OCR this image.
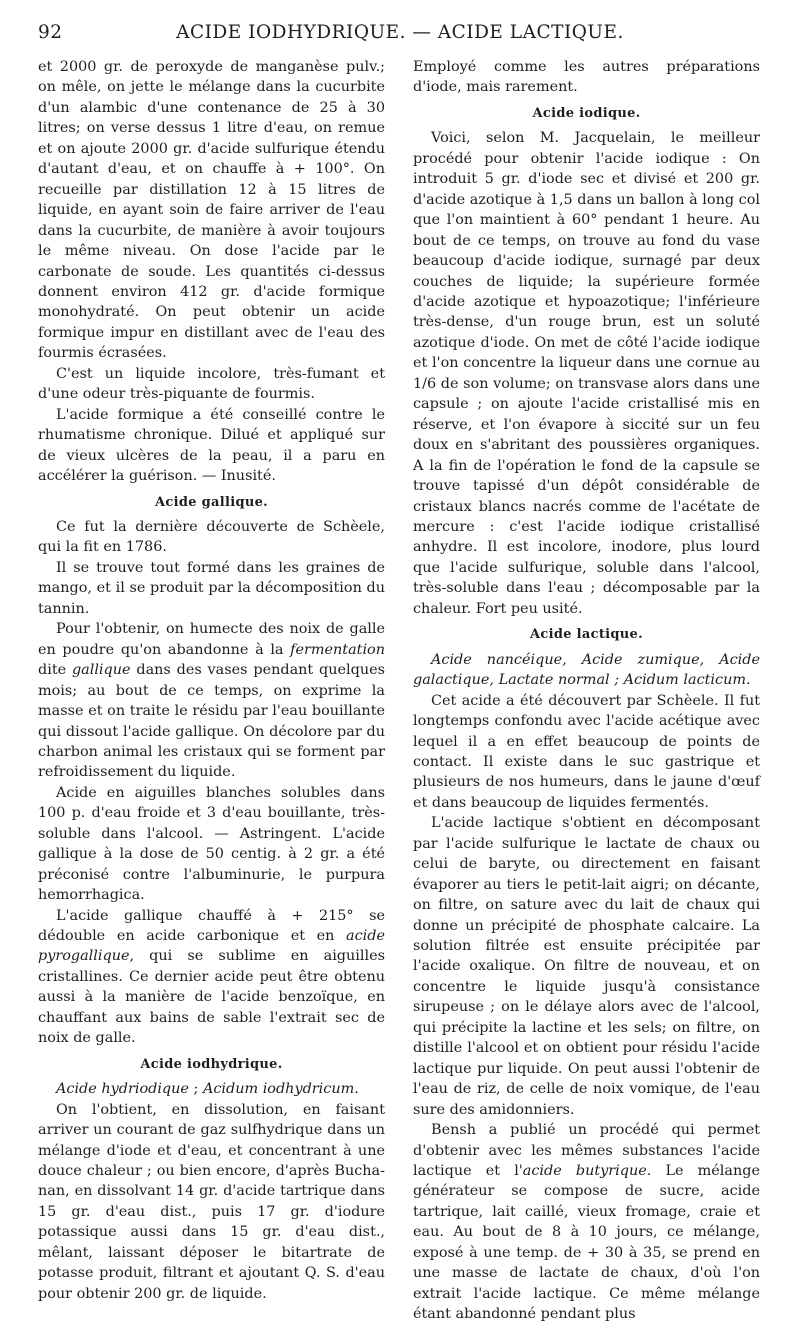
92	ACIDE IODHYDRIQUE. — ACIDE LACTIQUE.

et 2000 gr. de peroxyde de manganèse pulv.; on mêle, on jette le mélange dans la cucurbite d'un alambic d'une contenance de 25 à 30 litres; on verse dessus 1 litre d'eau, on remue et on ajoute 2000 gr. d'acide sulfurique étendu d'autant d'eau, et on chauffe à + 100°. On recueille par distillation 12 à 15 litres de liquide, en ayant soin de faire arriver de l'eau dans la cucurbite, de manière à avoir toujours le même niveau. On dose l'acide par le carbonate de soude. Les quantités ci-dessus donnent environ 412 gr. d'acide formique monohydraté. On peut obtenir un acide formique impur en distillant avec de l'eau des fourmis écrasées.

C'est un liquide incolore, très-fumant et d'une odeur très-piquante de fourmis.

L'acide formique a été conseillé contre le rhumatisme chronique. Dilué et appliqué sur de vieux ulcères de la peau, il a paru en accélérer la guérison. — Inusité.

Acide gallique.

Ce fut la dernière découverte de Schèele, qui la fit en 1786.

Il se trouve tout formé dans les graines de mango, et il se produit par la décomposition du tannin.

Pour l'obtenir, on humecte des noix de galle en poudre qu'on abandonne à la fermentation dite gallique dans des vases pendant quelques mois; au bout de ce temps, on exprime la masse et on traite le résidu par l'eau bouillante qui dissout l'acide gallique. On décolore par du charbon animal les cristaux qui se forment par refroidissement du liquide.

Acide en aiguilles blanches solubles dans 100 p. d'eau froide et 3 d'eau bouillante, très-soluble dans l'alcool. — Astringent. L'acide gallique à la dose de 50 centig. à 2 gr. a été préconisé contre l'albuminurie, le purpura hemorrhagica.

L'acide gallique chauffé à + 215° se dédouble en acide carbonique et en acide pyrogallique, qui se sublime en aiguilles cristallines. Ce dernier acide peut être obtenu aussi à la manière de l'acide benzoïque, en chauffant aux bains de sable l'extrait sec de noix de galle.

Acide iodhydrique.

Acide hydriodique ; Acidum iodhydricum.

On l'obtient, en dissolution, en faisant arriver un courant de gaz sulfhydrique dans un mélange d'iode et d'eau, et concentrant à une douce chaleur ; ou bien encore, d'après Bucha-nan, en dissolvant 14 gr. d'acide tartrique dans 15 gr. d'eau dist., puis 17 gr. d'iodure potassique aussi dans 15 gr. d'eau dist., mêlant, laissant déposer le bitartrate de potasse produit, filtrant et ajoutant Q. S. d'eau pour obtenir 200 gr. de liquide.

Employé comme les autres préparations d'iode, mais rarement.

Acide iodique.

Voici, selon M. Jacquelain, le meilleur procédé pour obtenir l'acide iodique : On introduit 5 gr. d'iode sec et divisé et 200 gr. d'acide azotique à 1,5 dans un ballon à long col que l'on maintient à 60° pendant 1 heure. Au bout de ce temps, on trouve au fond du vase beaucoup d'acide iodique, surnagé par deux couches de liquide; la supérieure formée d'acide azotique et hypoazotique; l'inférieure très-dense, d'un rouge brun, est un soluté azotique d'iode. On met de côté l'acide iodique et l'on concentre la liqueur dans une cornue au 1/6 de son volume; on transvase alors dans une capsule ; on ajoute l'acide cristallisé mis en réserve, et l'on évapore à siccité sur un feu doux en s'abritant des poussières organiques. A la fin de l'opération le fond de la capsule se trouve tapissé d'un dépôt considérable de cristaux blancs nacrés comme de l'acétate de mercure : c'est l'acide iodique cristallisé anhydre. Il est incolore, inodore, plus lourd que l'acide sulfurique, soluble dans l'alcool, très-soluble dans l'eau ; décomposable par la chaleur. Fort peu usité.

Acide lactique.

Acide nancéique, Acide zumique, Acide galactique, Lactate normal ; Acidum lacticum.

Cet acide a été découvert par Schèele. Il fut longtemps confondu avec l'acide acétique avec lequel il a en effet beaucoup de points de contact. Il existe dans le suc gastrique et plusieurs de nos humeurs, dans le jaune d'œuf et dans beaucoup de liquides fermentés.

L'acide lactique s'obtient en décomposant par l'acide sulfurique le lactate de chaux ou celui de baryte, ou directement en faisant évaporer au tiers le petit-lait aigri; on décante, on filtre, on sature avec du lait de chaux qui donne un précipité de phosphate calcaire. La solution filtrée est ensuite précipitée par l'acide oxalique. On filtre de nouveau, et on concentre le liquide jusqu'à consistance sirupeuse ; on le délaye alors avec de l'alcool, qui précipite la lactine et les sels; on filtre, on distille l'alcool et on obtient pour résidu l'acide lactique pur liquide. On peut aussi l'obtenir de l'eau de riz, de celle de noix vomique, de l'eau sure des amidonniers.

Bensh a publié un procédé qui permet d'obtenir avec les mêmes substances l'acide lactique et l'acide butyrique. Le mélange générateur se compose de sucre, acide tartrique, lait caillé, vieux fromage, craie et eau. Au bout de 8 à 10 jours, ce mélange, exposé à une temp. de + 30 à 35, se prend en une masse de lactate de chaux, d'où l'on extrait l'acide lactique. Ce même mélange étant abandonné pendant plus
